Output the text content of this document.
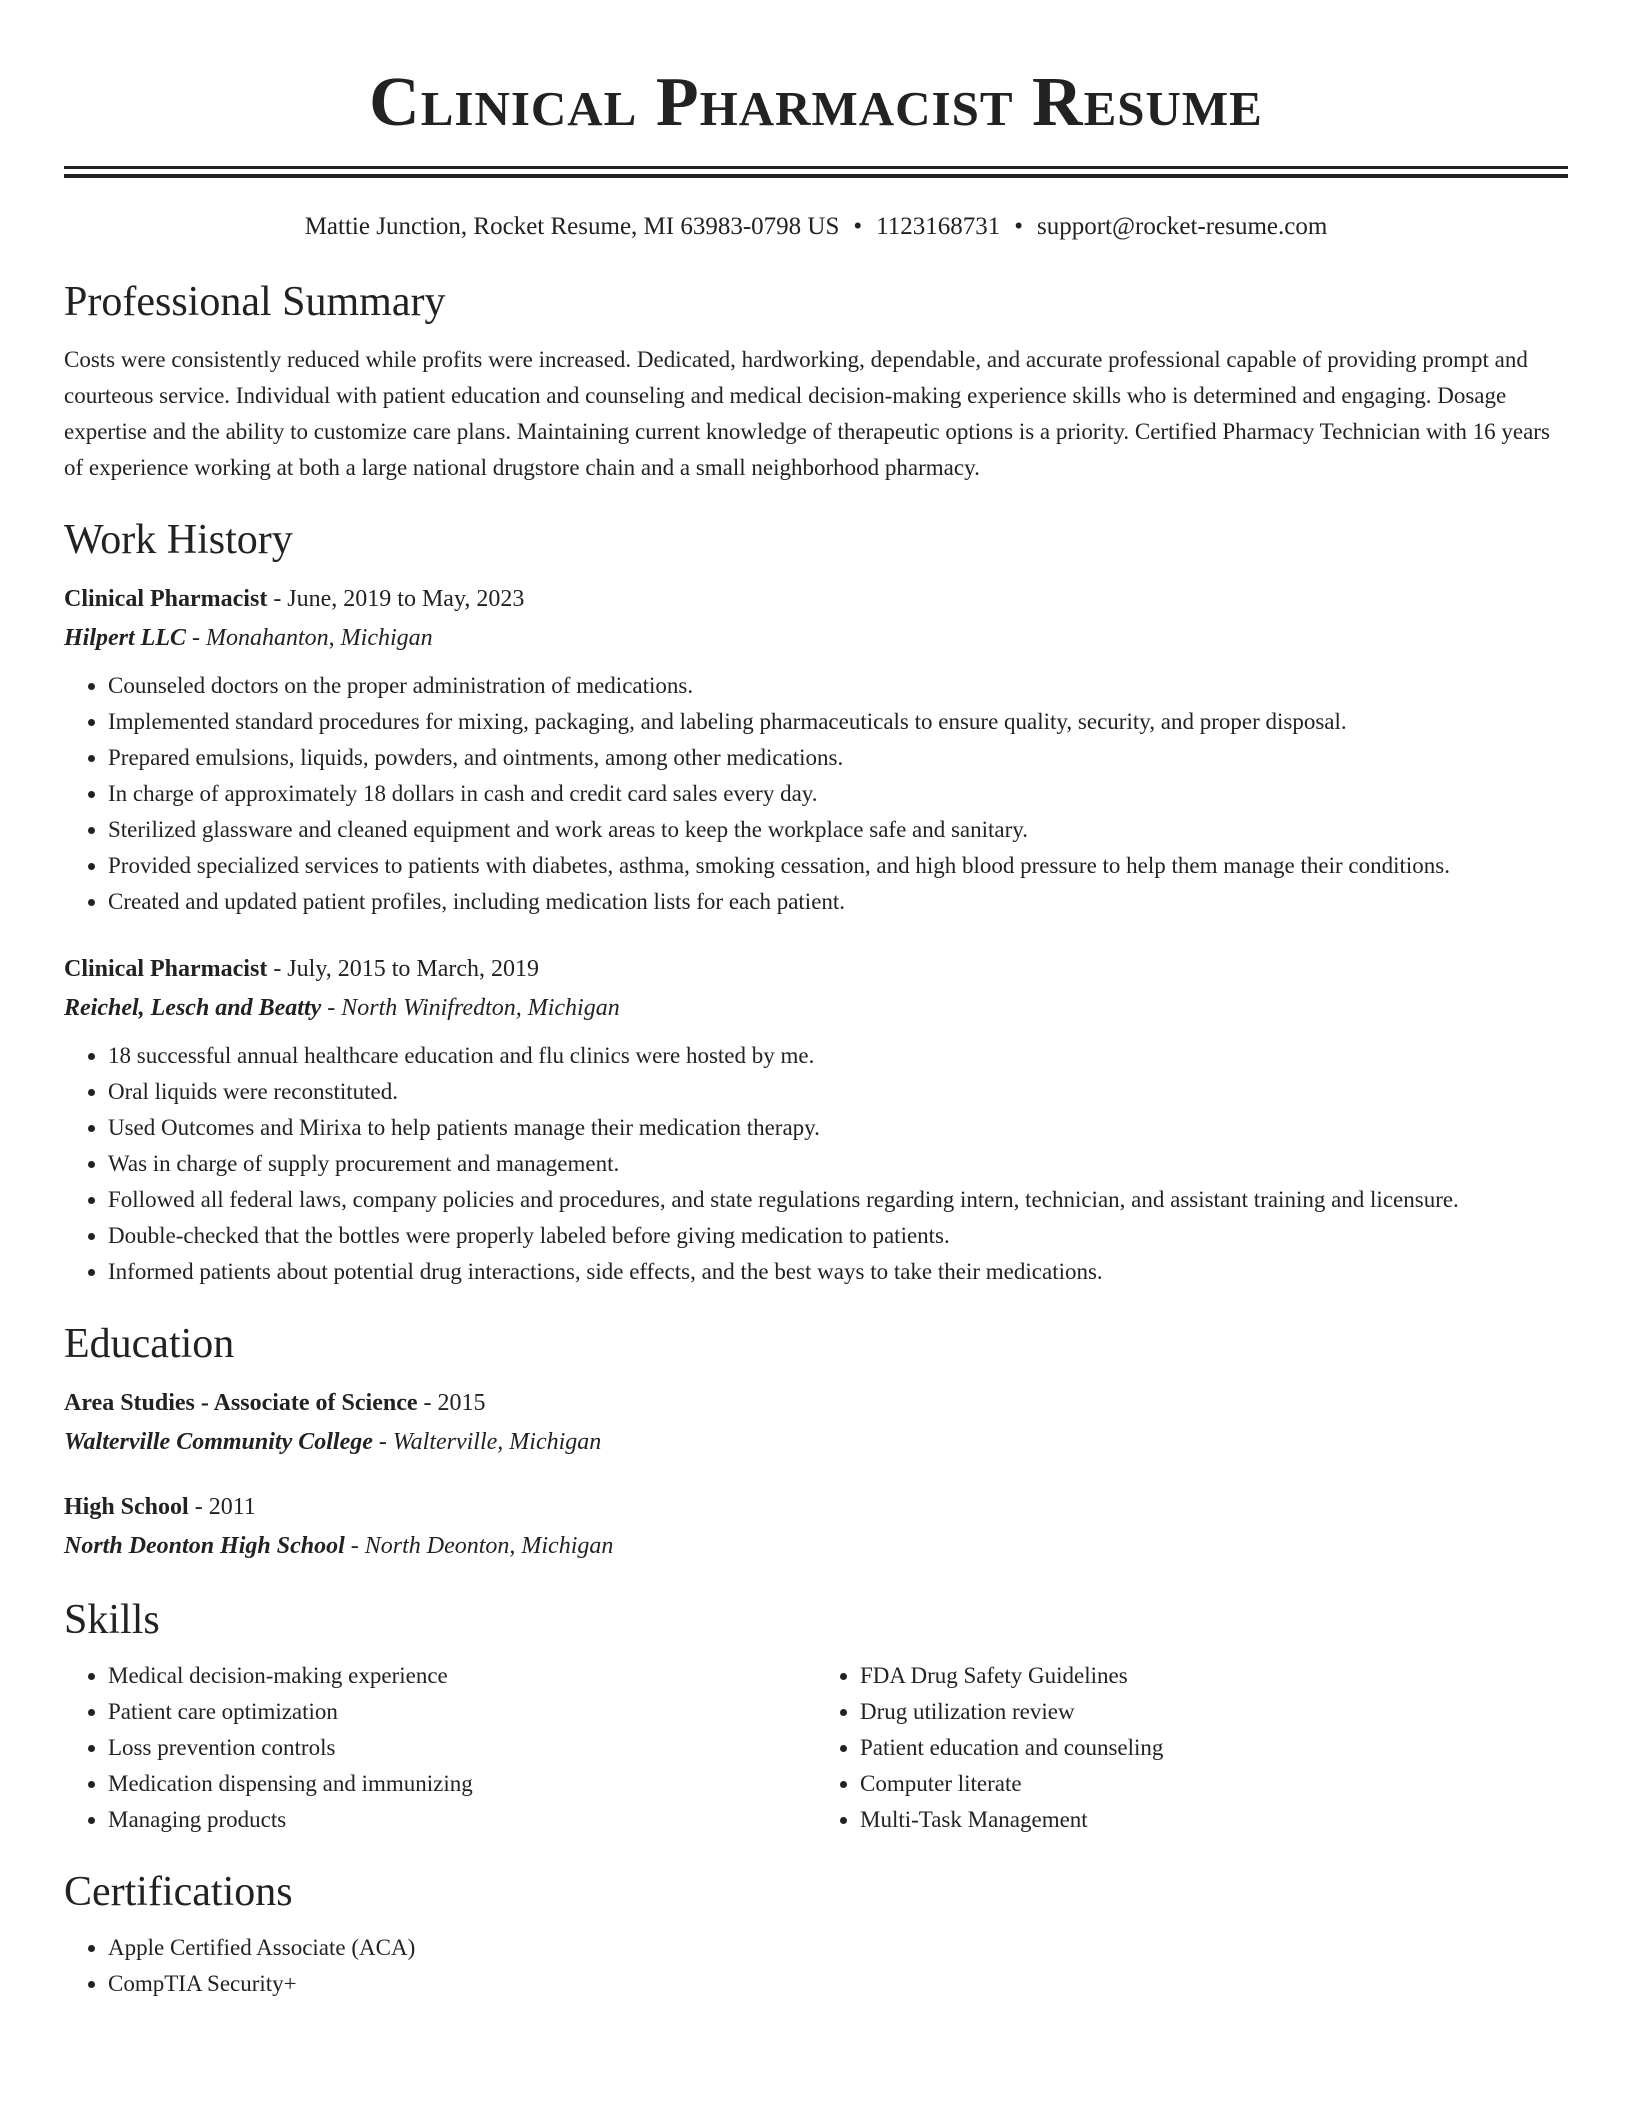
Clinical Pharmacist Resume
Mattie Junction, Rocket Resume, MI 63983-0798 US • 1123168731 • support@rocket-resume.com
Professional Summary
Costs were consistently reduced while profits were increased. Dedicated, hardworking, dependable, and accurate professional capable of providing prompt and courteous service. Individual with patient education and counseling and medical decision-making experience skills who is determined and engaging. Dosage expertise and the ability to customize care plans. Maintaining current knowledge of therapeutic options is a priority. Certified Pharmacy Technician with 16 years of experience working at both a large national drugstore chain and a small neighborhood pharmacy.
Work History
Clinical Pharmacist - June, 2019 to May, 2023
Hilpert LLC - Monahanton, Michigan
• Counseled doctors on the proper administration of medications.
• Implemented standard procedures for mixing, packaging, and labeling pharmaceuticals to ensure quality, security, and proper disposal.
• Prepared emulsions, liquids, powders, and ointments, among other medications.
• In charge of approximately 18 dollars in cash and credit card sales every day.
• Sterilized glassware and cleaned equipment and work areas to keep the workplace safe and sanitary.
• Provided specialized services to patients with diabetes, asthma, smoking cessation, and high blood pressure to help them manage their conditions.
• Created and updated patient profiles, including medication lists for each patient.
Clinical Pharmacist - July, 2015 to March, 2019
Reichel, Lesch and Beatty - North Winifredton, Michigan
• 18 successful annual healthcare education and flu clinics were hosted by me.
• Oral liquids were reconstituted.
• Used Outcomes and Mirixa to help patients manage their medication therapy.
• Was in charge of supply procurement and management.
• Followed all federal laws, company policies and procedures, and state regulations regarding intern, technician, and assistant training and licensure.
• Double-checked that the bottles were properly labeled before giving medication to patients.
• Informed patients about potential drug interactions, side effects, and the best ways to take their medications.
Education
Area Studies - Associate of Science - 2015
Walterville Community College - Walterville, Michigan
High School - 2011
North Deonton High School - North Deonton, Michigan
Skills
• Medical decision-making experience
• Patient care optimization
• Loss prevention controls
• Medication dispensing and immunizing
• Managing products
• FDA Drug Safety Guidelines
• Drug utilization review
• Patient education and counseling
• Computer literate
• Multi-Task Management
Certifications
• Apple Certified Associate (ACA)
• CompTIA Security+
